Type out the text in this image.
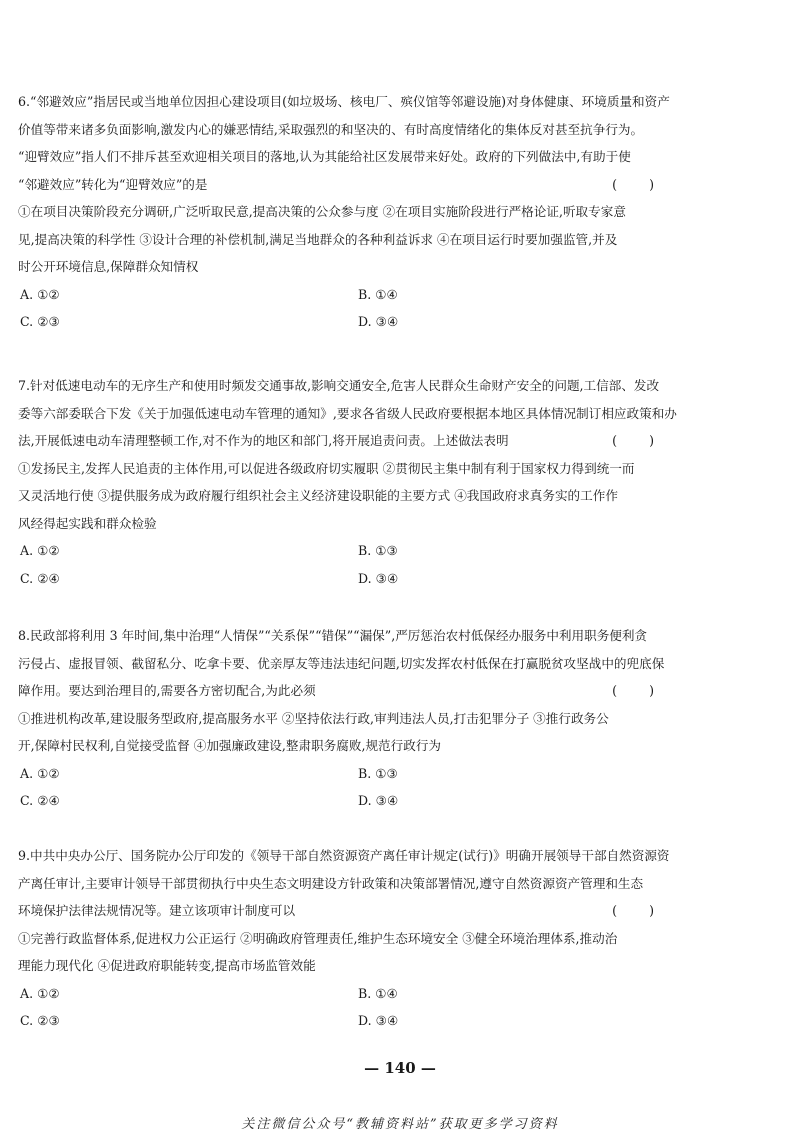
6.“邻避效应”指居民或当地单位因担心建设项目(如垃圾场、核电厂、殡仪馆等邻避设施)对身体健康、环境质量和资产
价值等带来诸多负面影响,激发内心的嫌恶情结,采取强烈的和坚决的、有时高度情绪化的集体反对甚至抗争行为。
“迎臂效应”指人们不排斥甚至欢迎相关项目的落地,认为其能给社区发展带来好处。政府的下列做法中,有助于使
“邻避效应”转化为“迎臂效应”的是	( )
①在项目决策阶段充分调研,广泛听取民意,提高决策的公众参与度 ②在项目实施阶段进行严格论证,听取专家意
见,提高决策的科学性 ③设计合理的补偿机制,满足当地群众的各种利益诉求 ④在项目运行时要加强监管,并及
时公开环境信息,保障群众知情权
A. ①②	B. ①④
C. ②③	D. ③④
7.针对低速电动车的无序生产和使用时频发交通事故,影响交通安全,危害人民群众生命财产安全的问题,工信部、发改
委等六部委联合下发《关于加强低速电动车管理的通知》,要求各省级人民政府要根据本地区具体情况制订相应政策和办
法,开展低速电动车清理整顿工作,对不作为的地区和部门,将开展追责问责。上述做法表明	( )
①发扬民主,发挥人民追责的主体作用,可以促进各级政府切实履职 ②贯彻民主集中制有利于国家权力得到统一而
又灵活地行使 ③提供服务成为政府履行组织社会主义经济建设职能的主要方式 ④我国政府求真务实的工作作
风经得起实践和群众检验
A. ①②	B. ①③
C. ②④	D. ③④
8.民政部将利用 3 年时间,集中治理“人情保”“关系保”“错保”“漏保”,严厉惩治农村低保经办服务中利用职务便利贪
污侵占、虚报冒领、截留私分、吃拿卡要、优亲厚友等违法违纪问题,切实发挥农村低保在打赢脱贫攻坚战中的兜底保
障作用。要达到治理目的,需要各方密切配合,为此必须	( )
①推进机构改革,建设服务型政府,提高服务水平 ②坚持依法行政,审判违法人员,打击犯罪分子 ③推行政务公
开,保障村民权利,自觉接受监督 ④加强廉政建设,整肃职务腐败,规范行政行为
A. ①②	B. ①③
C. ②④	D. ③④
9.中共中央办公厅、国务院办公厅印发的《领导干部自然资源资产离任审计规定(试行)》明确开展领导干部自然资源资
产离任审计,主要审计领导干部贯彻执行中央生态文明建设方针政策和决策部署情况,遵守自然资源资产管理和生态
环境保护法律法规情况等。建立该项审计制度可以	( )
①完善行政监督体系,促进权力公正运行 ②明确政府管理责任,维护生态环境安全 ③健全环境治理体系,推动治
理能力现代化 ④促进政府职能转变,提高市场监管效能
A. ①②	B. ①④
C. ②③	D. ③④
— 140 —
关注微信公众号“教辅资料站”获取更多学习资料
